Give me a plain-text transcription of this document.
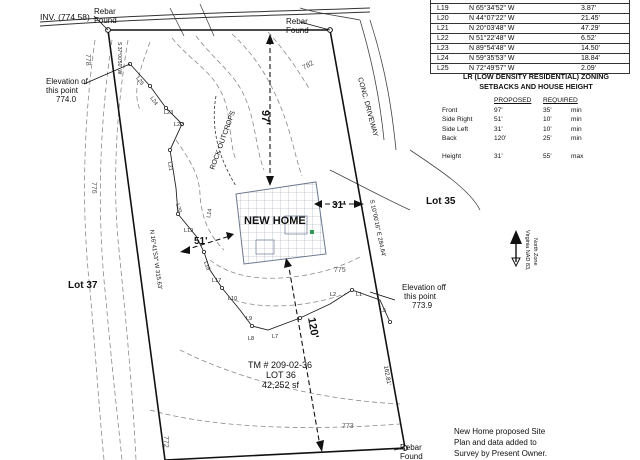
L25
L24
L23
L22
L21
L20
L19
L18
L17
L10
L9
L8	L7
L2	L1
L5
L14
INV. (774.58)
Rebar
Found	Rebar
Found
Rebar
Found
Elevation of
this point
774.0
Elevation off
this point
773.9
NEW HOME
Lot 35
Lot 37
TM # 209-02-36
LOT 36
42,252 sf
ROCK OUTCROPS
CONC. DRIVEWAY
97'
31'
51'
120'
N 16°41'53" W 315.63'
S 10°00'16" E 284.64'
S 37°00'50" W
162.81'
Virginia NAD 83, North Zone
778
776
782
775
773
772
L19	N 65°34'52" W	3.87'
L20	N 44°07'22" W	21.45'
L21	N 20°03'48" W	47.29'
L22	N 51°22'48" W	6.52'
L23	N 89°54'48" W	14.50'
L24	N 59°35'53" W	18.84'
L25	N 72°49'57" W	2.09'
LR (LOW DENSITY RESIDENTIAL) ZONING
SETBACKS AND HOUSE HEIGHT
PROPOSED REQUIRED
Front	97'	35'	min
Side Right	51'	10'	min
Side Left	31'	10'	min
Back	120'	25'	min
Height	31'	55'	max
New Home proposed Site
Plan and data added to
Survey by Present Owner.
